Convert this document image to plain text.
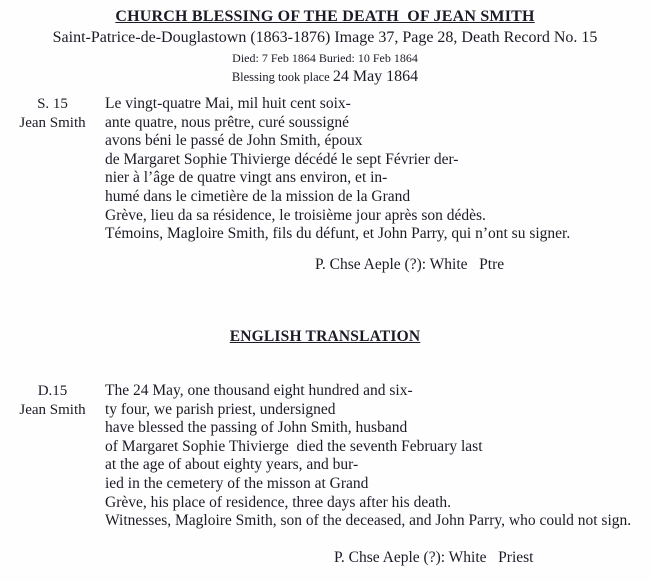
CHURCH BLESSING OF THE DEATH  OF JEAN SMITH
Saint-Patrice-de-Douglastown (1863-1876) Image 37, Page 28, Death Record No. 15
Died: 7 Feb 1864 Buried: 10 Feb 1864
Blessing took place 24 May 1864
S. 15
Jean Smith
Le vingt-quatre Mai, mil huit cent soix-
ante quatre, nous prêtre, curé soussigné
avons béni le passé de John Smith, époux
de Margaret Sophie Thivierge décédé le sept Février der-
nier à l’âge de quatre vingt ans environ, et in-
humé dans le cimetière de la mission de la Grand
Grève, lieu da sa résidence, le troisième jour après son dédès.
Témoins, Magloire Smith, fils du défunt, et John Parry, qui n’ont su signer.
P. Chse Aeple (?): White   Ptre
ENGLISH TRANSLATION
D.15
Jean Smith
The 24 May, one thousand eight hundred and six-
ty four, we parish priest, undersigned
have blessed the passing of John Smith, husband
of Margaret Sophie Thivierge  died the seventh February last
at the age of about eighty years, and bur-
ied in the cemetery of the misson at Grand
Grève, his place of residence, three days after his death.
Witnesses, Magloire Smith, son of the deceased, and John Parry, who could not sign.
P. Chse Aeple (?): White   Priest
